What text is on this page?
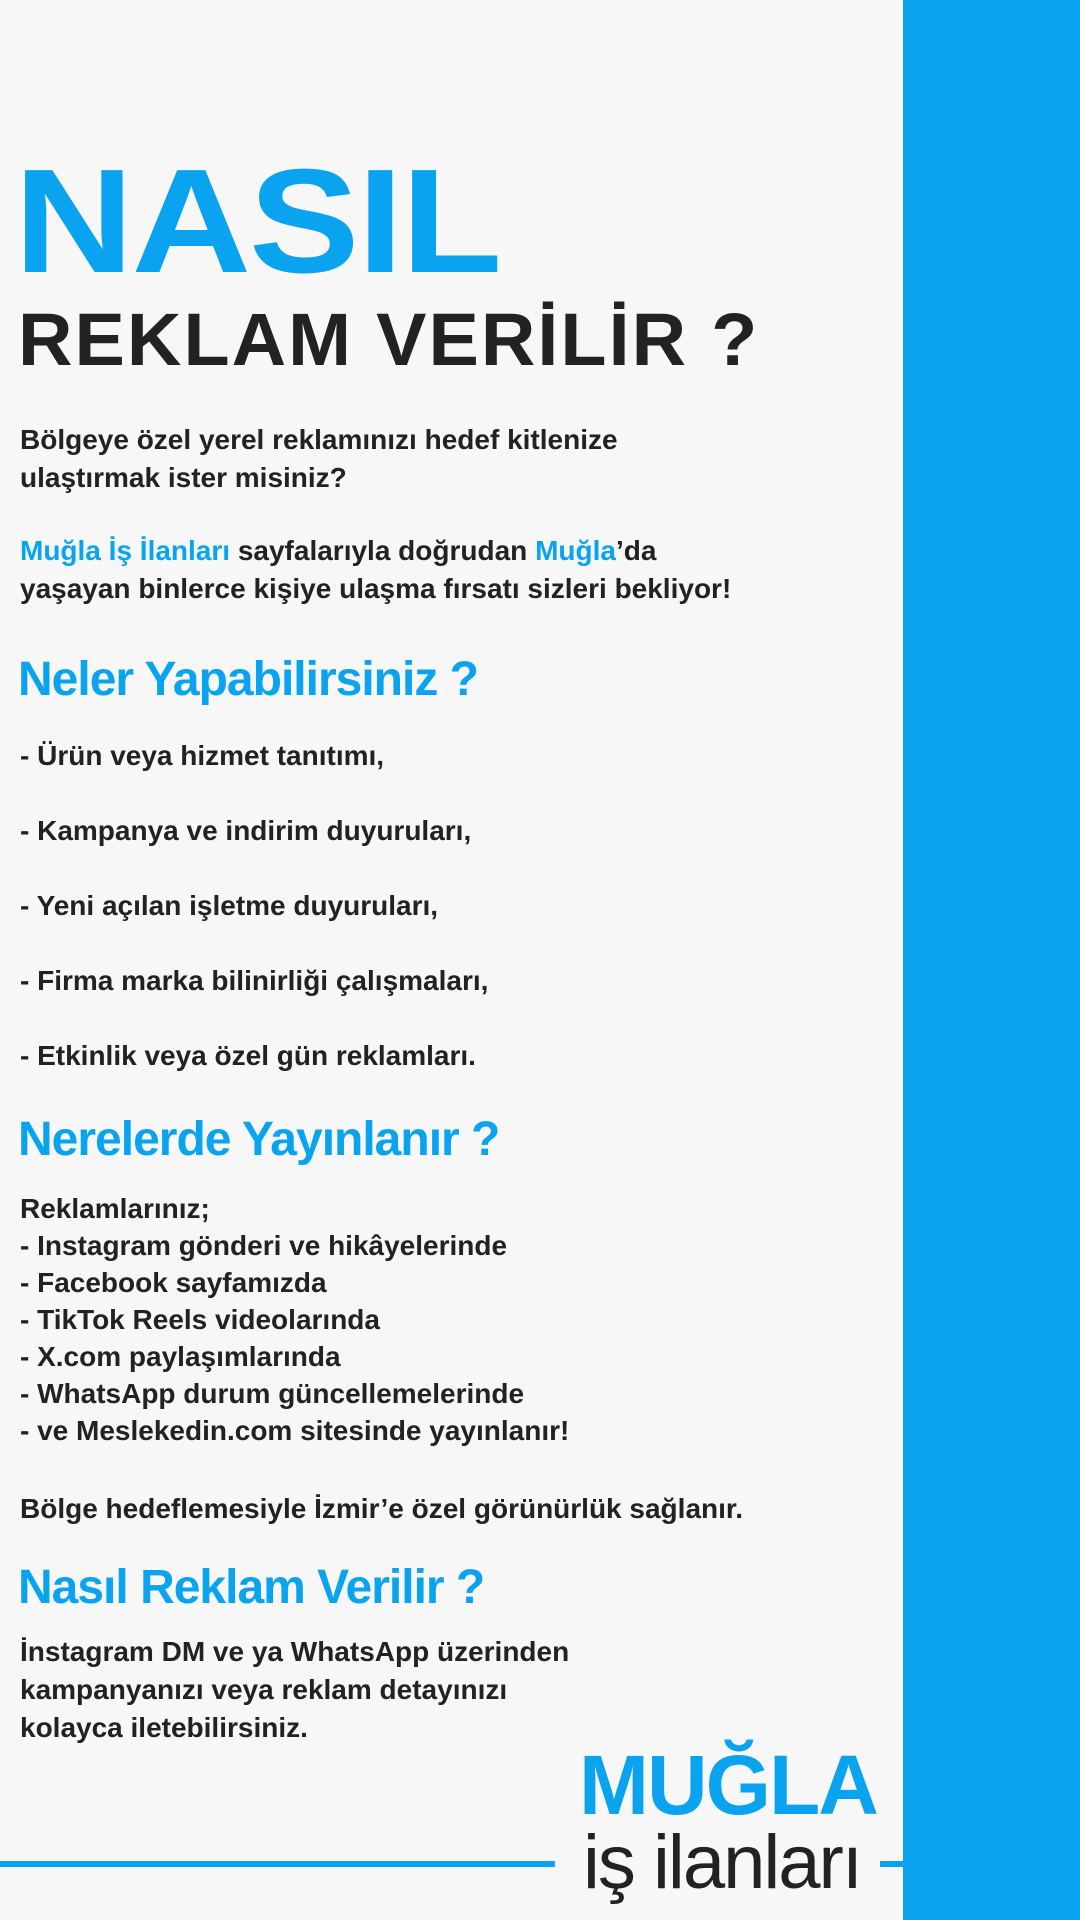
NASIL
REKLAM VERİLİR ?

Bölgeye özel yerel reklamınızı hedef kitlenize
ulaştırmak ister misiniz?

Muğla İş İlanları sayfalarıyla doğrudan Muğla’da
yaşayan binlerce kişiye ulaşma fırsatı sizleri bekliyor!

Neler Yapabilirsiniz ?
- Ürün veya hizmet tanıtımı,
- Kampanya ve indirim duyuruları,
- Yeni açılan işletme duyuruları,
- Firma marka bilinirliği çalışmaları,
- Etkinlik veya özel gün reklamları.
Nerelerde Yayınlanır ?
Reklamlarınız;
- Instagram gönderi ve hikâyelerinde
- Facebook sayfamızda
- TikTok Reels videolarında
- X.com paylaşımlarında
- WhatsApp durum güncellemelerinde
- ve Meslekedin.com sitesinde yayınlanır!

Bölge hedeflemesiyle İzmir’e özel görünürlük sağlanır.

Nasıl Reklam Verilir ?

İnstagram DM ve ya WhatsApp üzerinden
kampanyanızı veya reklam detayınızı
kolayca iletebilirsiniz.

MUĞLA
iş ilanları
